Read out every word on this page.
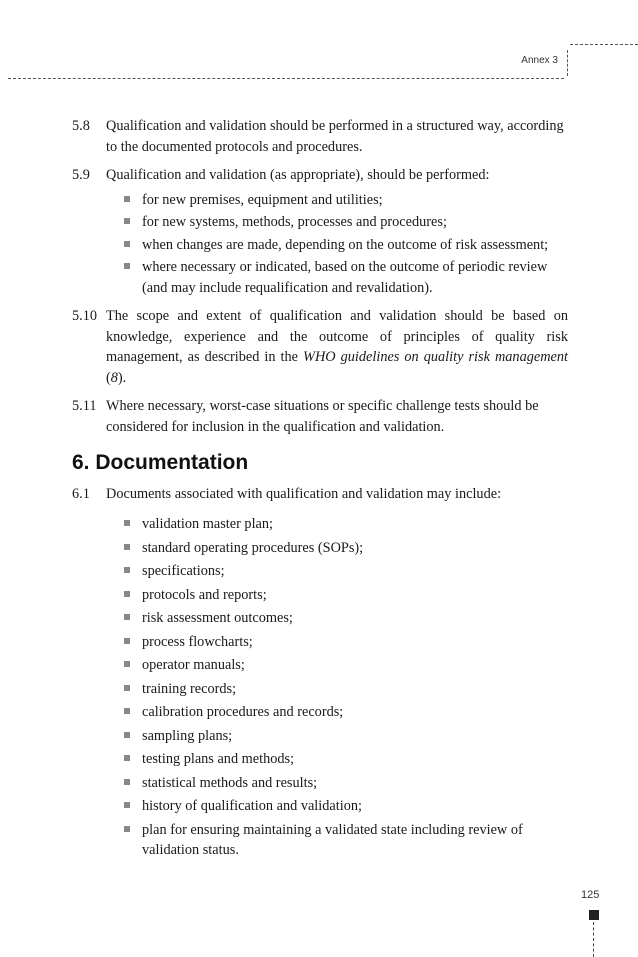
Annex 3
5.8	Qualification and validation should be performed in a structured way, according to the documented protocols and procedures.
5.9	Qualification and validation (as appropriate), should be performed:
for new premises, equipment and utilities;
for new systems, methods, processes and procedures;
when changes are made, depending on the outcome of risk assessment;
where necessary or indicated, based on the outcome of periodic review (and may include requalification and revalidation).
5.10 The scope and extent of qualification and validation should be based on knowledge, experience and the outcome of principles of quality risk management, as described in the WHO guidelines on quality risk management (8).
5.11 Where necessary, worst-case situations or specific challenge tests should be considered for inclusion in the qualification and validation.
6. Documentation
6.1	Documents associated with qualification and validation may include:
validation master plan;
standard operating procedures (SOPs);
specifications;
protocols and reports;
risk assessment outcomes;
process flowcharts;
operator manuals;
training records;
calibration procedures and records;
sampling plans;
testing plans and methods;
statistical methods and results;
history of qualification and validation;
plan for ensuring maintaining a validated state including review of validation status.
125
